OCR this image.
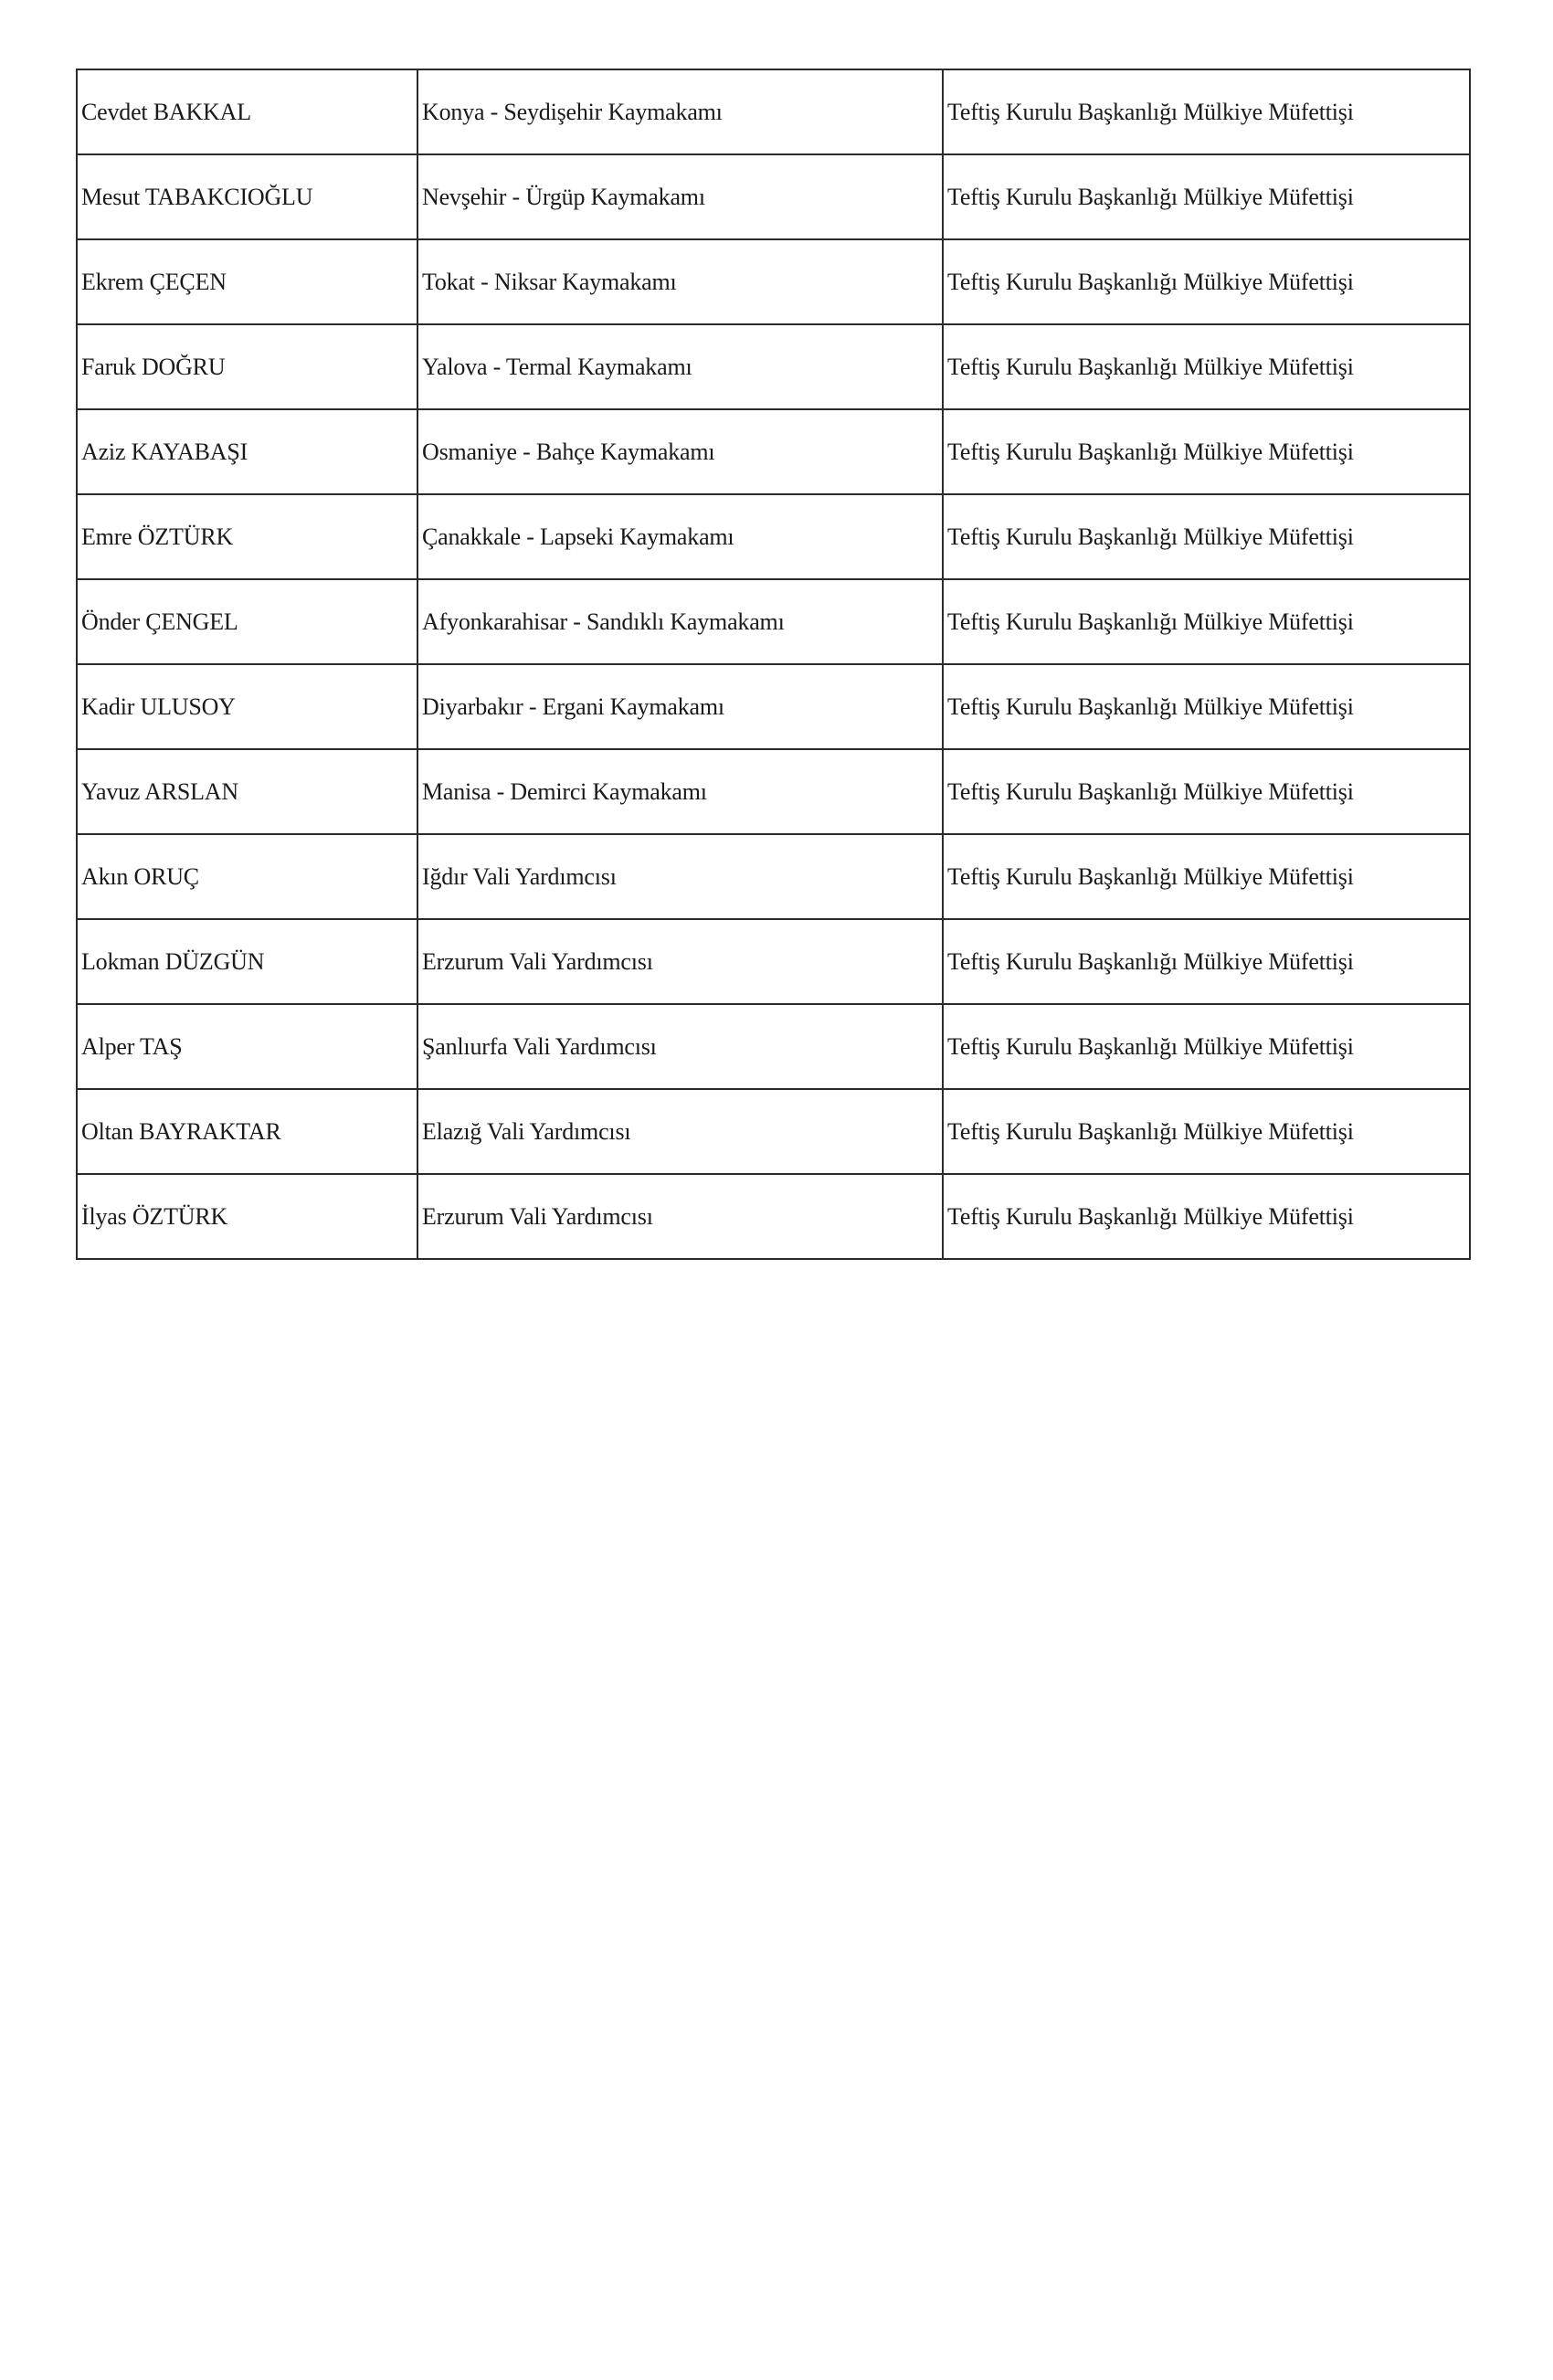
Cevdet BAKKAL	Konya - Seydişehir Kaymakamı	Teftiş Kurulu Başkanlığı Mülkiye Müfettişi
Mesut TABAKCIOĞLU	Nevşehir - Ürgüp Kaymakamı	Teftiş Kurulu Başkanlığı Mülkiye Müfettişi
Ekrem ÇEÇEN	Tokat - Niksar Kaymakamı	Teftiş Kurulu Başkanlığı Mülkiye Müfettişi
Faruk DOĞRU	Yalova - Termal Kaymakamı	Teftiş Kurulu Başkanlığı Mülkiye Müfettişi
Aziz KAYABAŞI	Osmaniye - Bahçe Kaymakamı	Teftiş Kurulu Başkanlığı Mülkiye Müfettişi
Emre ÖZTÜRK	Çanakkale - Lapseki Kaymakamı	Teftiş Kurulu Başkanlığı Mülkiye Müfettişi
Önder ÇENGEL	Afyonkarahisar - Sandıklı Kaymakamı	Teftiş Kurulu Başkanlığı Mülkiye Müfettişi
Kadir ULUSOY	Diyarbakır - Ergani Kaymakamı	Teftiş Kurulu Başkanlığı Mülkiye Müfettişi
Yavuz ARSLAN	Manisa - Demirci Kaymakamı	Teftiş Kurulu Başkanlığı Mülkiye Müfettişi
Akın ORUÇ	Iğdır Vali Yardımcısı	Teftiş Kurulu Başkanlığı Mülkiye Müfettişi
Lokman DÜZGÜN	Erzurum Vali Yardımcısı	Teftiş Kurulu Başkanlığı Mülkiye Müfettişi
Alper TAŞ	Şanlıurfa Vali Yardımcısı	Teftiş Kurulu Başkanlığı Mülkiye Müfettişi
Oltan BAYRAKTAR	Elazığ Vali Yardımcısı	Teftiş Kurulu Başkanlığı Mülkiye Müfettişi
İlyas ÖZTÜRK	Erzurum Vali Yardımcısı	Teftiş Kurulu Başkanlığı Mülkiye Müfettişi
